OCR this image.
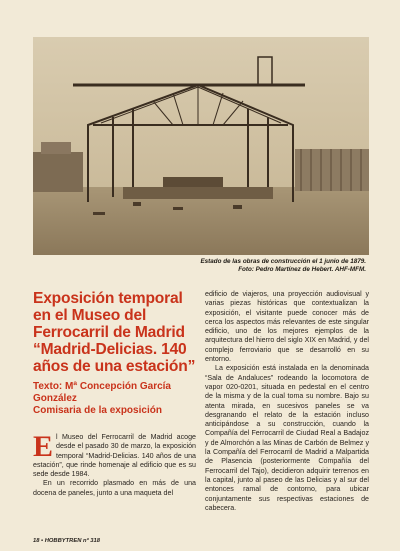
Estado de las obras de construcción el 1 junio de 1879.
Foto: Pedro Martínez de Hebert. AHF-MFM.
Exposición temporal en el Museo del Ferrocarril de Madrid “Madrid-Delicias. 140 años de una estación”
Texto: Mª Concepción García
González
Comisaria de la exposición

El Museo del Ferrocarril de Madrid acoge desde el pasado 30 de marzo, la exposición temporal “Madrid-Delicias. 140 años de una estación”, que rinde homenaje al edificio que es su sede desde 1984.

En un recorrido plasmado en más de una docena de paneles, junto a una maqueta del

edificio de viajeros, una proyección audiovisual y varias piezas históricas que contextualizan la exposición, el visitante puede conocer más de cerca los aspectos más relevantes de este singular edificio, uno de los mejores ejemplos de la arquitectura del hierro del siglo XIX en Madrid, y del complejo ferroviario que se desarrolló en su entorno.

La exposición está instalada en la denominada “Sala de Andaluces” rodeando la locomotora de vapor 020-0201, situada en pedestal en el centro de la misma y de la cual toma su nombre. Bajo su atenta mirada, en sucesivos paneles se va desgranando el relato de la estación incluso anticipándose a su construcción, cuando la Compañía del Ferrocarril de Ciudad Real a Badajoz y de Almorchón a las Minas de Carbón de Belmez y la Compañía del Ferrocarril de Madrid a Malpartida de Plasencia (posteriormente Compañía del Ferrocarril del Tajo), decidieron adquirir terrenos en la capital, junto al paseo de las Delicias y al sur del entonces ramal de contorno, para ubicar conjuntamente sus respectivas estaciones de cabecera.

18 • HOBBYTREN nº 318
